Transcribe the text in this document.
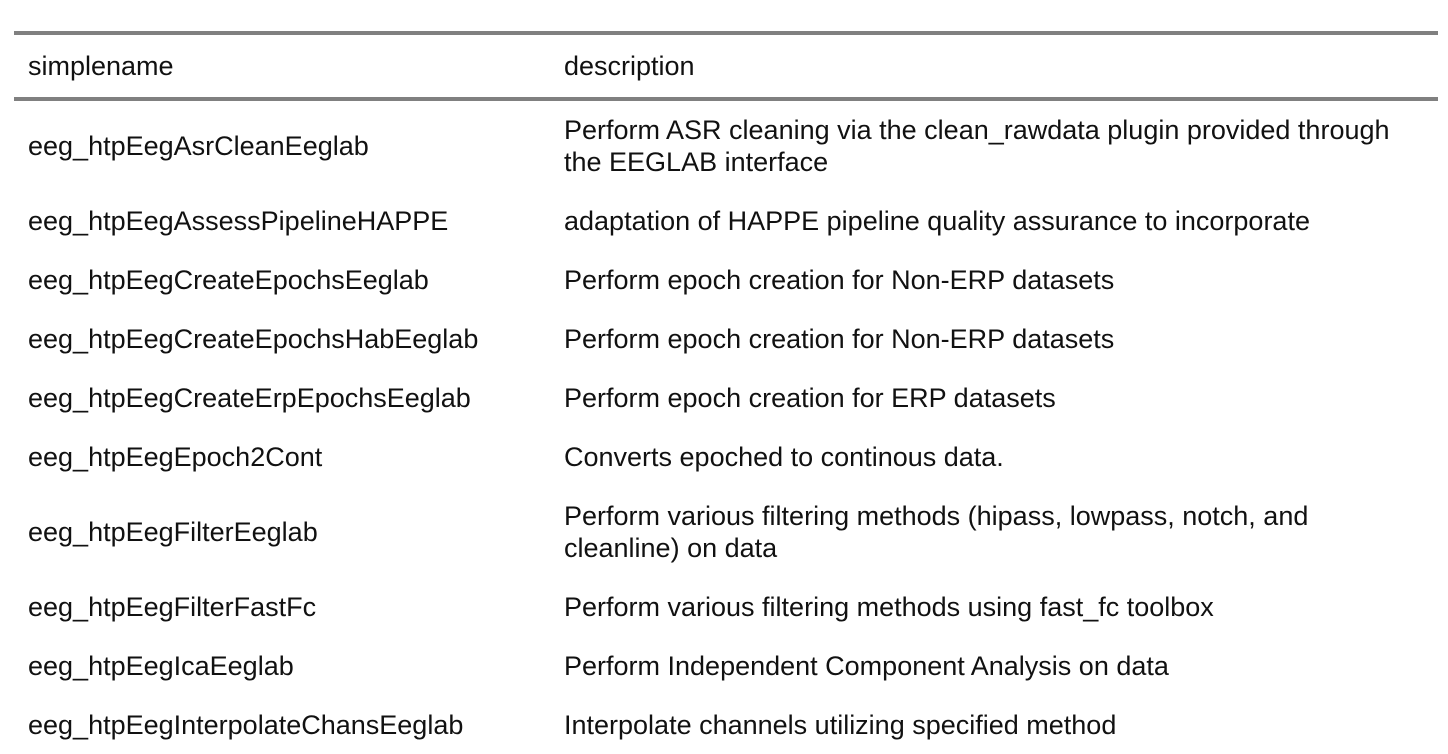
simplename	description
eeg_htpEegAsrCleanEeglab	Perform ASR cleaning via the clean_rawdata plugin provided through the EEGLAB interface
eeg_htpEegAssessPipelineHAPPE	adaptation of HAPPE pipeline quality assurance to incorporate
eeg_htpEegCreateEpochsEeglab	Perform epoch creation for Non-ERP datasets
eeg_htpEegCreateEpochsHabEeglab	Perform epoch creation for Non-ERP datasets
eeg_htpEegCreateErpEpochsEeglab	Perform epoch creation for ERP datasets
eeg_htpEegEpoch2Cont	Converts epoched to continous data.
eeg_htpEegFilterEeglab	Perform various filtering methods (hipass, lowpass, notch, and cleanline) on data
eeg_htpEegFilterFastFc	Perform various filtering methods using fast_fc toolbox
eeg_htpEegIcaEeglab	Perform Independent Component Analysis on data
eeg_htpEegInterpolateChansEeglab	Interpolate channels utilizing specified method
